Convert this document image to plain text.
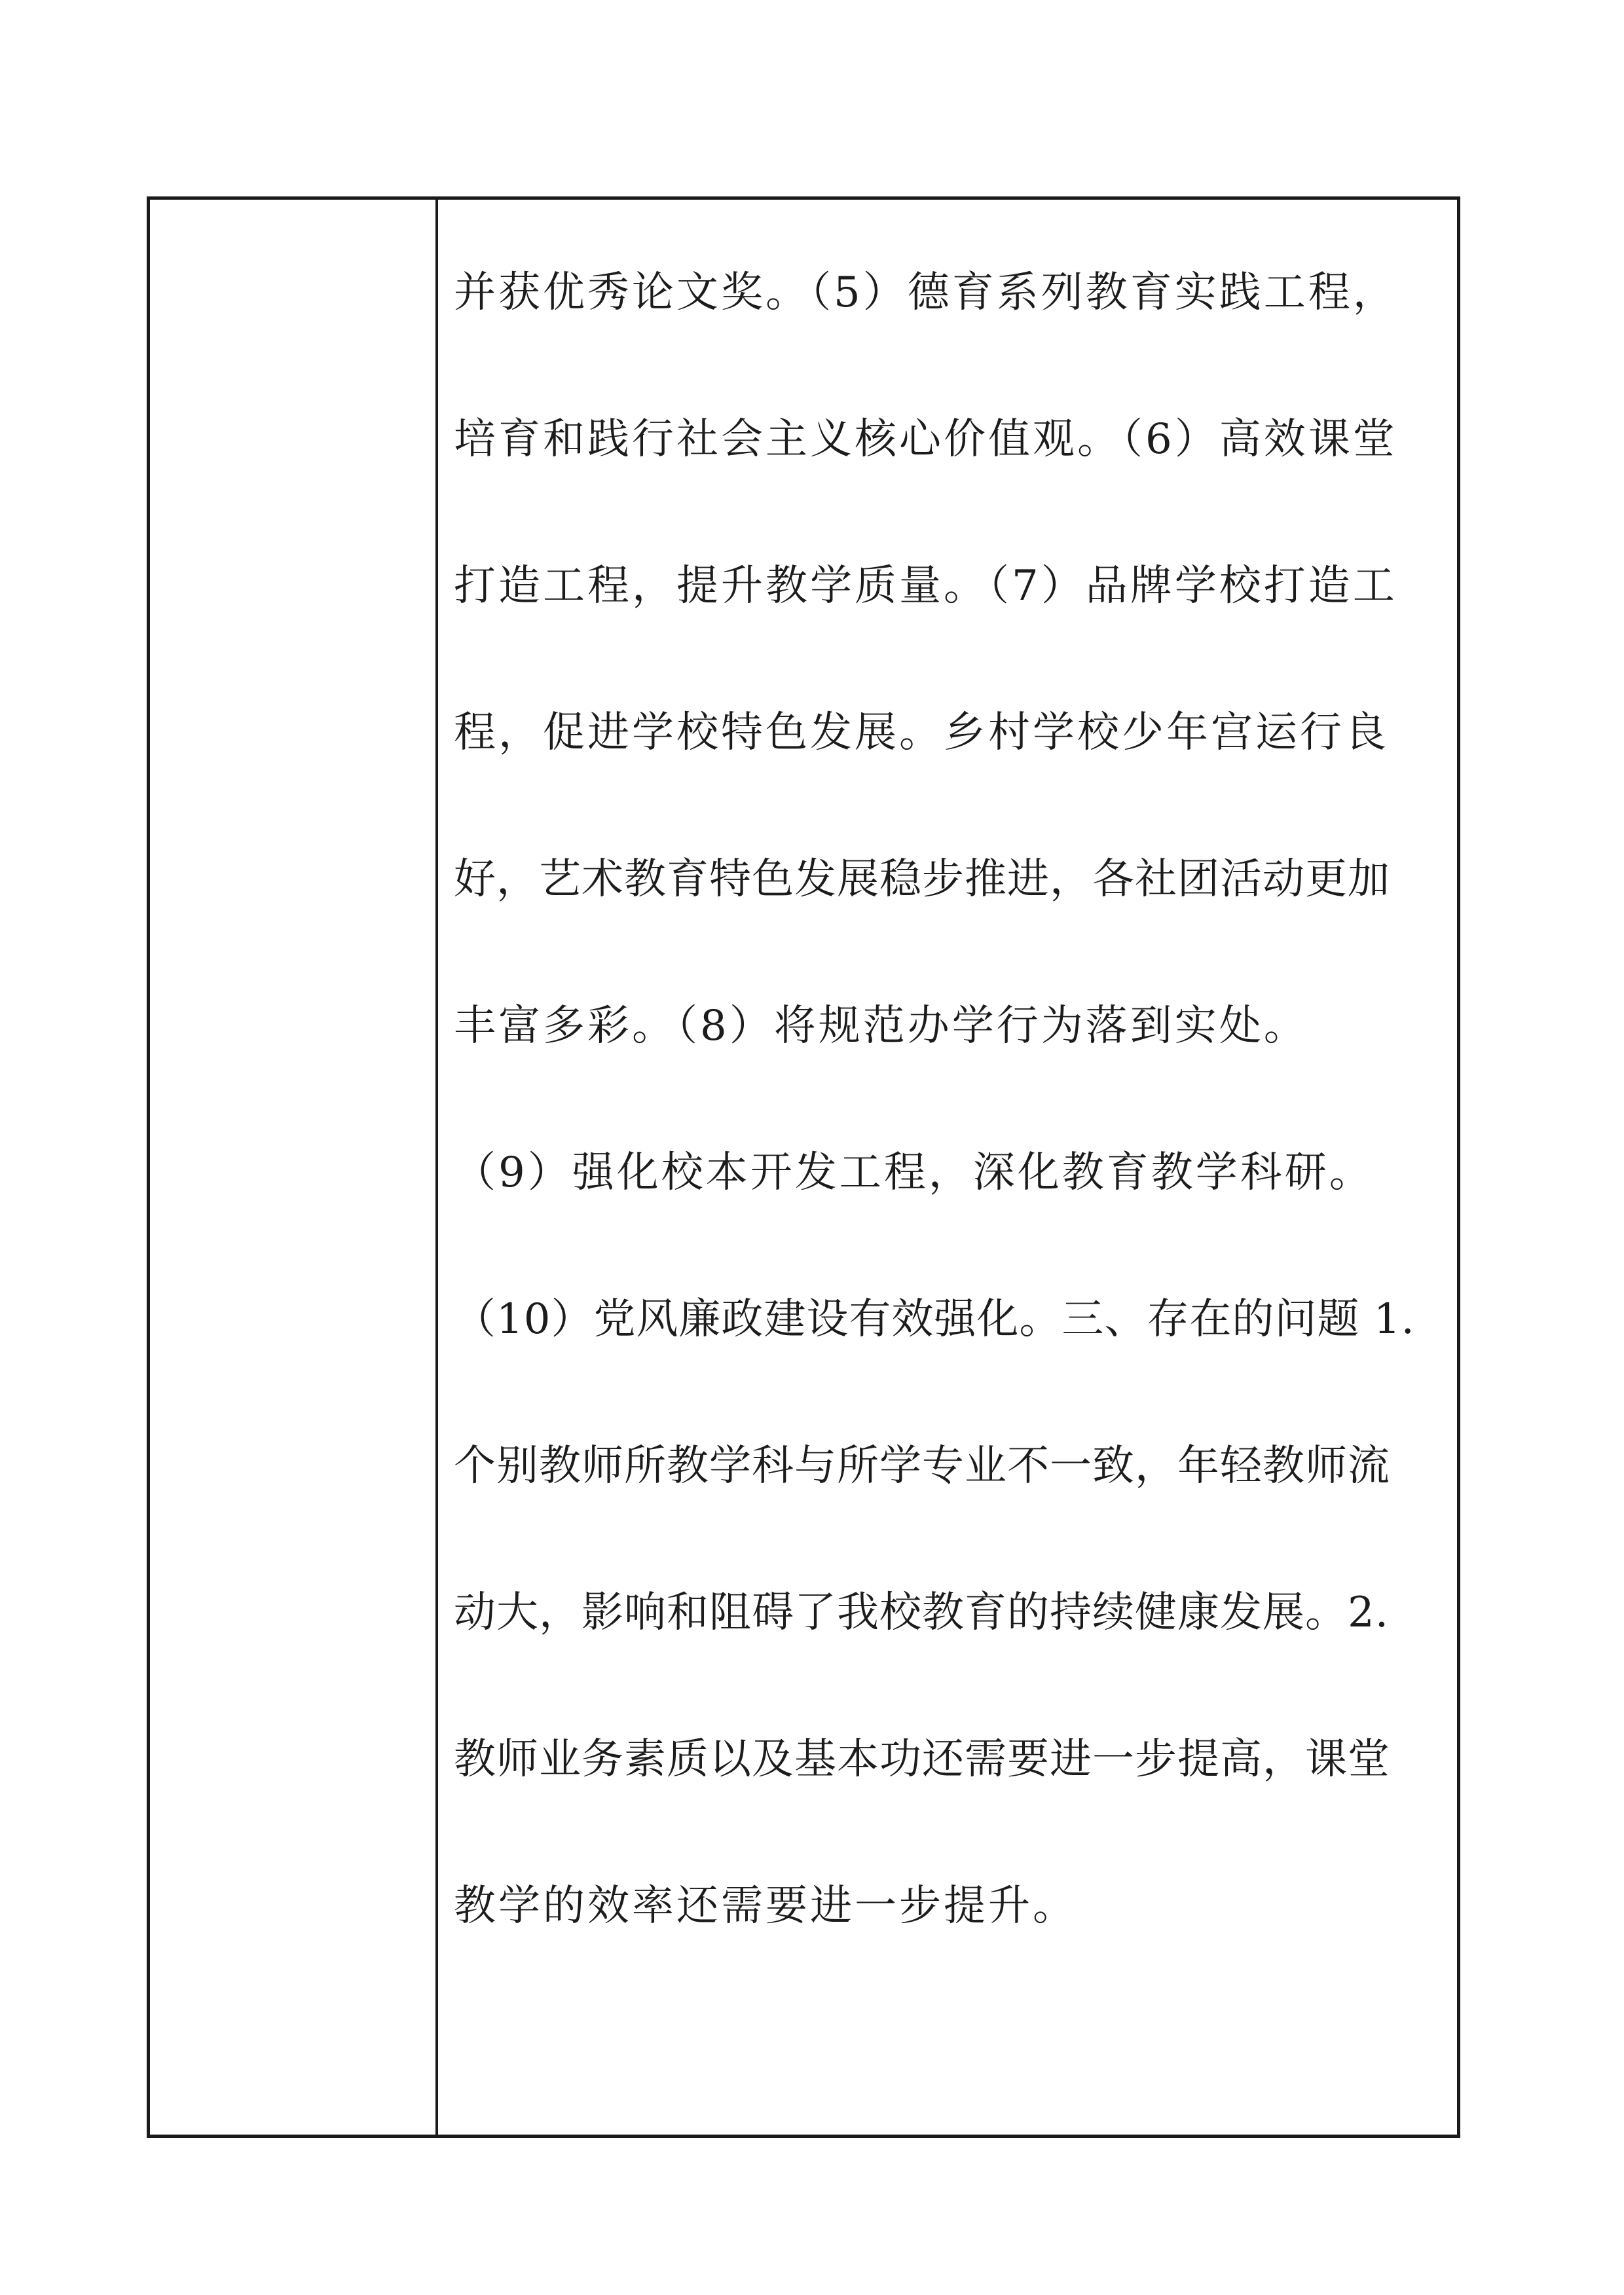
并获优秀论文奖。（5）德育系列教育实践工程，
培育和践行社会主义核心价值观。（6）高效课堂
打造工程，提升教学质量。（7）品牌学校打造工
程，促进学校特色发展。乡村学校少年宫运行良
好，艺术教育特色发展稳步推进，各社团活动更加
丰富多彩。（8）将规范办学行为落到实处。
（9）强化校本开发工程，深化教育教学科研。
（10）党风廉政建设有效强化。三、存在的问题 1.
个别教师所教学科与所学专业不一致，年轻教师流
动大，影响和阻碍了我校教育的持续健康发展。2.
教师业务素质以及基本功还需要进一步提高，课堂
教学的效率还需要进一步提升。
